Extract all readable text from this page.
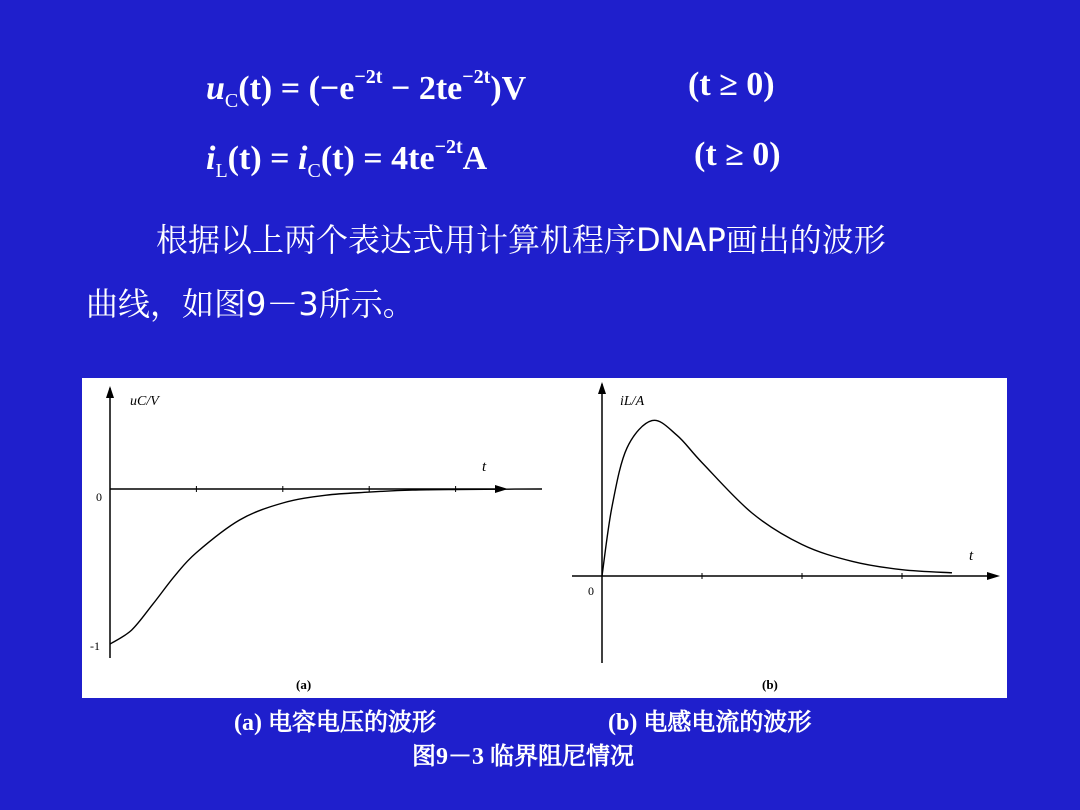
$u_C(t) = (-e^{-2t} - 2te^{-2t})V$	(t ≥ 0)
$i_L(t) = i_C(t) = 4te^{-2t}A$	(t ≥ 0)
根据以上两个表达式用计算机程序DNAP画出的波形
曲线，如图9－3所示。
uC/V
t
0
-1
(a)
iL/A
t
0
(b)
(a) 电容电压的波形	(b) 电感电流的波形
图9－3 临界阻尼情况
